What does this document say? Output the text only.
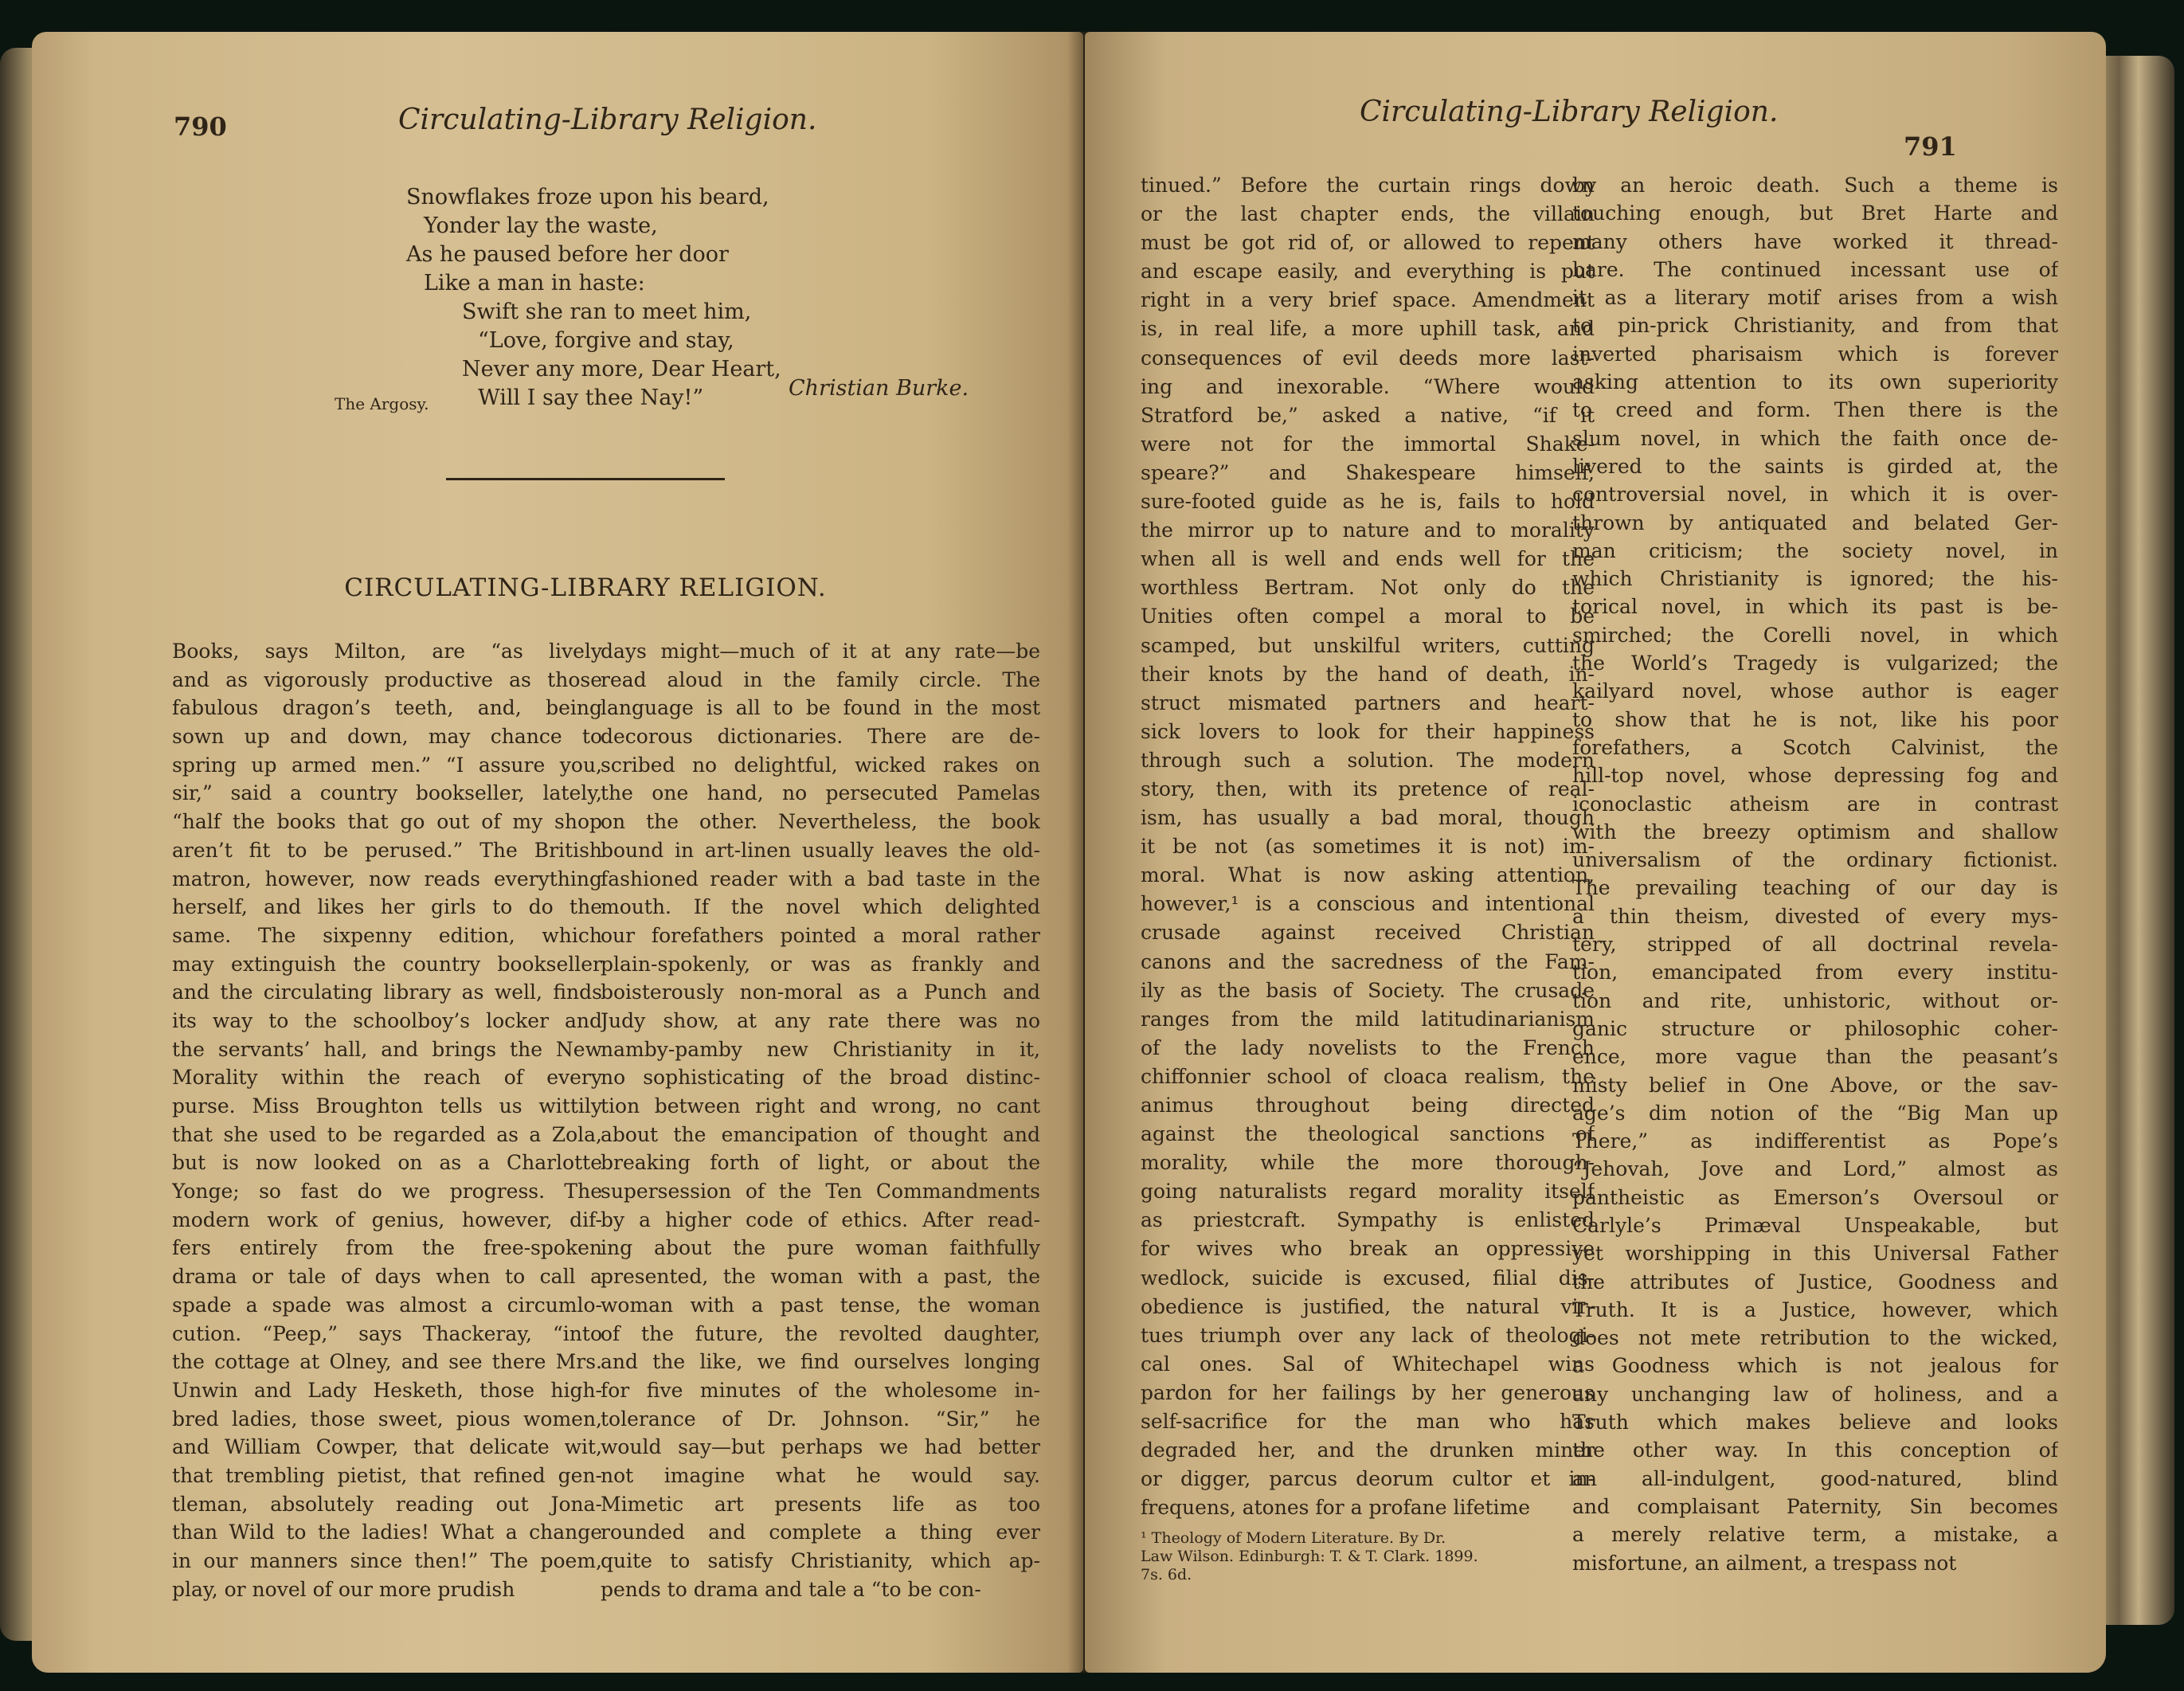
790	Circulating-Library Religion.
Snowflakes froze upon his beard,
Yonder lay the waste,
As he paused before her door
Like a man in haste:
Swift she ran to meet him,
“Love, forgive and stay,
Never any more, Dear Heart,
Will I say thee Nay!”
The Argosy.
Christian Burke.
CIRCULATING-LIBRARY RELIGION.
Books, says Milton, are “as lively
and as vigorously productive as those
fabulous dragon’s teeth, and, being
sown up and down, may chance to
spring up armed men.” “I assure you,
sir,” said a country bookseller, lately,
“half the books that go out of my shop
aren’t fit to be perused.” The British
matron, however, now reads everything
herself, and likes her girls to do the
same. The sixpenny edition, which
may extinguish the country bookseller
and the circulating library as well, finds
its way to the schoolboy’s locker and
the servants’ hall, and brings the New
Morality within the reach of every
purse. Miss Broughton tells us wittily
that she used to be regarded as a Zola,
but is now looked on as a Charlotte
Yonge; so fast do we progress. The
modern work of genius, however, dif-
fers entirely from the free-spoken
drama or tale of days when to call a
spade a spade was almost a circumlo-
cution. “Peep,” says Thackeray, “into
the cottage at Olney, and see there Mrs.
Unwin and Lady Hesketh, those high-
bred ladies, those sweet, pious women,
and William Cowper, that delicate wit,
that trembling pietist, that refined gen-
tleman, absolutely reading out Jona-
than Wild to the ladies! What a change
in our manners since then!” The poem,
play, or novel of our more prudish
days might—much of it at any rate—be
read aloud in the family circle. The
language is all to be found in the most
decorous dictionaries. There are de-
scribed no delightful, wicked rakes on
the one hand, no persecuted Pamelas
on the other. Nevertheless, the book
bound in art-linen usually leaves the old-
fashioned reader with a bad taste in the
mouth. If the novel which delighted
our forefathers pointed a moral rather
plain-spokenly, or was as frankly and
boisterously non-moral as a Punch and
Judy show, at any rate there was no
namby-pamby new Christianity in it,
no sophisticating of the broad distinc-
tion between right and wrong, no cant
about the emancipation of thought and
breaking forth of light, or about the
supersession of the Ten Commandments
by a higher code of ethics. After read-
ing about the pure woman faithfully
presented, the woman with a past, the
woman with a past tense, the woman
of the future, the revolted daughter,
and the like, we find ourselves longing
for five minutes of the wholesome in-
tolerance of Dr. Johnson. “Sir,” he
would say—but perhaps we had better
not imagine what he would say.
Mimetic art presents life as too
rounded and complete a thing ever
quite to satisfy Christianity, which ap-
pends to drama and tale a “to be con-
Circulating-Library Religion.
791
tinued.” Before the curtain rings down
or the last chapter ends, the villain
must be got rid of, or allowed to repent
and escape easily, and everything is put
right in a very brief space. Amendment
is, in real life, a more uphill task, and
consequences of evil deeds more last-
ing and inexorable. “Where would
Stratford be,” asked a native, “if it
were not for the immortal Shake-
speare?” and Shakespeare himself,
sure-footed guide as he is, fails to hold
the mirror up to nature and to morality
when all is well and ends well for the
worthless Bertram. Not only do the
Unities often compel a moral to be
scamped, but unskilful writers, cutting
their knots by the hand of death, in-
struct mismated partners and heart-
sick lovers to look for their happiness
through such a solution. The modern
story, then, with its pretence of real-
ism, has usually a bad moral, though
it be not (as sometimes it is not) im-
moral. What is now asking attention,
however,¹ is a conscious and intentional
crusade against received Christian
canons and the sacredness of the Fam-
ily as the basis of Society. The crusade
ranges from the mild latitudinarianism
of the lady novelists to the French
chiffonnier school of cloaca realism, the
animus throughout being directed
against the theological sanctions of
morality, while the more thorough-
going naturalists regard morality itself
as priestcraft. Sympathy is enlisted
for wives who break an oppressive
wedlock, suicide is excused, filial dis-
obedience is justified, the natural vir-
tues triumph over any lack of theologi-
cal ones. Sal of Whitechapel wins
pardon for her failings by her generous
self-sacrifice for the man who has
degraded her, and the drunken miner
or digger, parcus deorum cultor et in-
frequens, atones for a profane lifetime
¹ Theology of Modern Literature. By Dr.
Law Wilson. Edinburgh: T. & T. Clark. 1899.
7s. 6d.
by an heroic death. Such a theme is
touching enough, but Bret Harte and
many others have worked it thread-
bare. The continued incessant use of
it as a literary motif arises from a wish
to pin-prick Christianity, and from that
inverted pharisaism which is forever
asking attention to its own superiority
to creed and form. Then there is the
slum novel, in which the faith once de-
livered to the saints is girded at, the
controversial novel, in which it is over-
thrown by antiquated and belated Ger-
man criticism; the society novel, in
which Christianity is ignored; the his-
torical novel, in which its past is be-
smirched; the Corelli novel, in which
the World’s Tragedy is vulgarized; the
kailyard novel, whose author is eager
to show that he is not, like his poor
forefathers, a Scotch Calvinist, the
hill-top novel, whose depressing fog and
iconoclastic atheism are in contrast
with the breezy optimism and shallow
universalism of the ordinary fictionist.
The prevailing teaching of our day is
a thin theism, divested of every mys-
tery, stripped of all doctrinal revela-
tion, emancipated from every institu-
tion and rite, unhistoric, without or-
ganic structure or philosophic coher-
ence, more vague than the peasant’s
misty belief in One Above, or the sav-
age’s dim notion of the “Big Man up
There,” as indifferentist as Pope’s
“Jehovah, Jove and Lord,” almost as
pantheistic as Emerson’s Oversoul or
Carlyle’s Primæval Unspeakable, but
yet worshipping in this Universal Father
the attributes of Justice, Goodness and
Truth. It is a Justice, however, which
does not mete retribution to the wicked,
a Goodness which is not jealous for
any unchanging law of holiness, and a
Truth which makes believe and looks
the other way. In this conception of
an all-indulgent, good-natured, blind
and complaisant Paternity, Sin becomes
a merely relative term, a mistake, a
misfortune, an ailment, a trespass not
